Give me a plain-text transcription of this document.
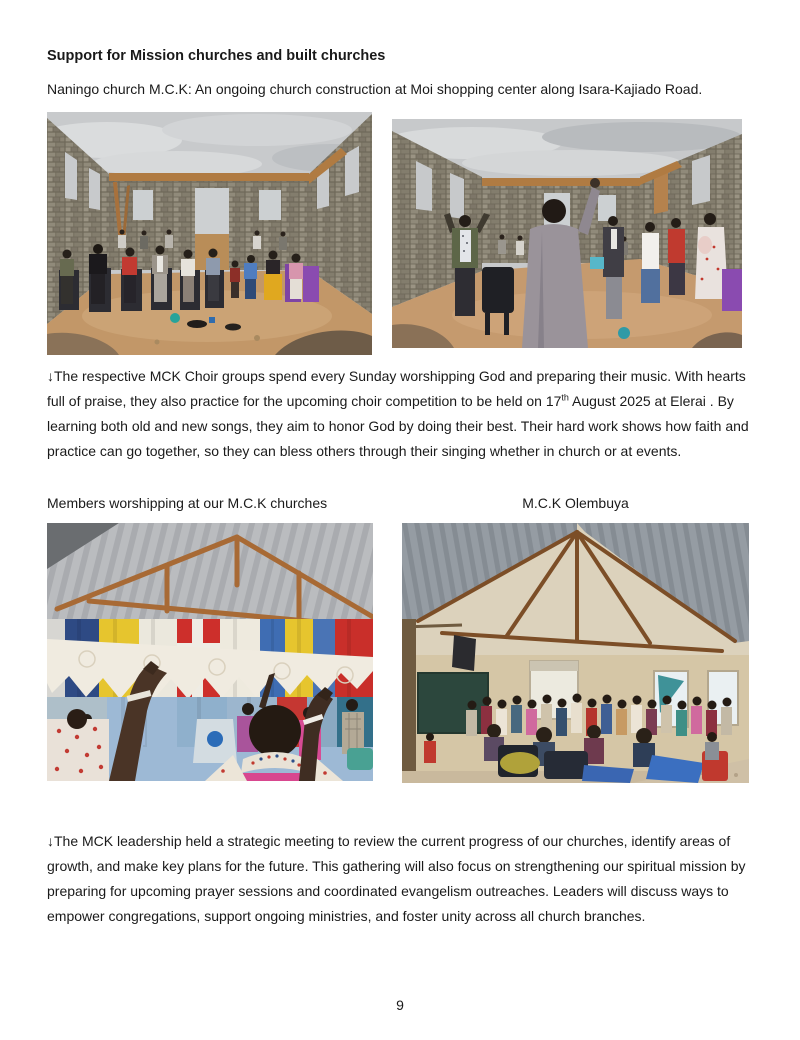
Support for Mission churches and built churches

Naningo church M.C.K: An ongoing church construction at Moi shopping center along Isara-Kajiado Road.

↓The respective MCK Choir groups spend every Sunday worshipping God and preparing their music. With hearts full of praise, they also practice for the upcoming choir competition to be held on 17th August 2025 at Elerai . By learning both old and new songs, they aim to honor God by doing their best. Their hard work shows how faith and practice can go together, so they can bless others through their singing whether in church or at events.

Members worshipping at our M.C.K churches	M.C.K Olembuya

↓The MCK leadership held a strategic meeting to review the current progress of our churches, identify areas of growth, and make key plans for the future. This gathering will also focus on strengthening our spiritual mission by preparing for upcoming prayer sessions and coordinated evangelism outreaches. Leaders will discuss ways to empower congregations, support ongoing ministries, and foster unity across all church branches.

9
